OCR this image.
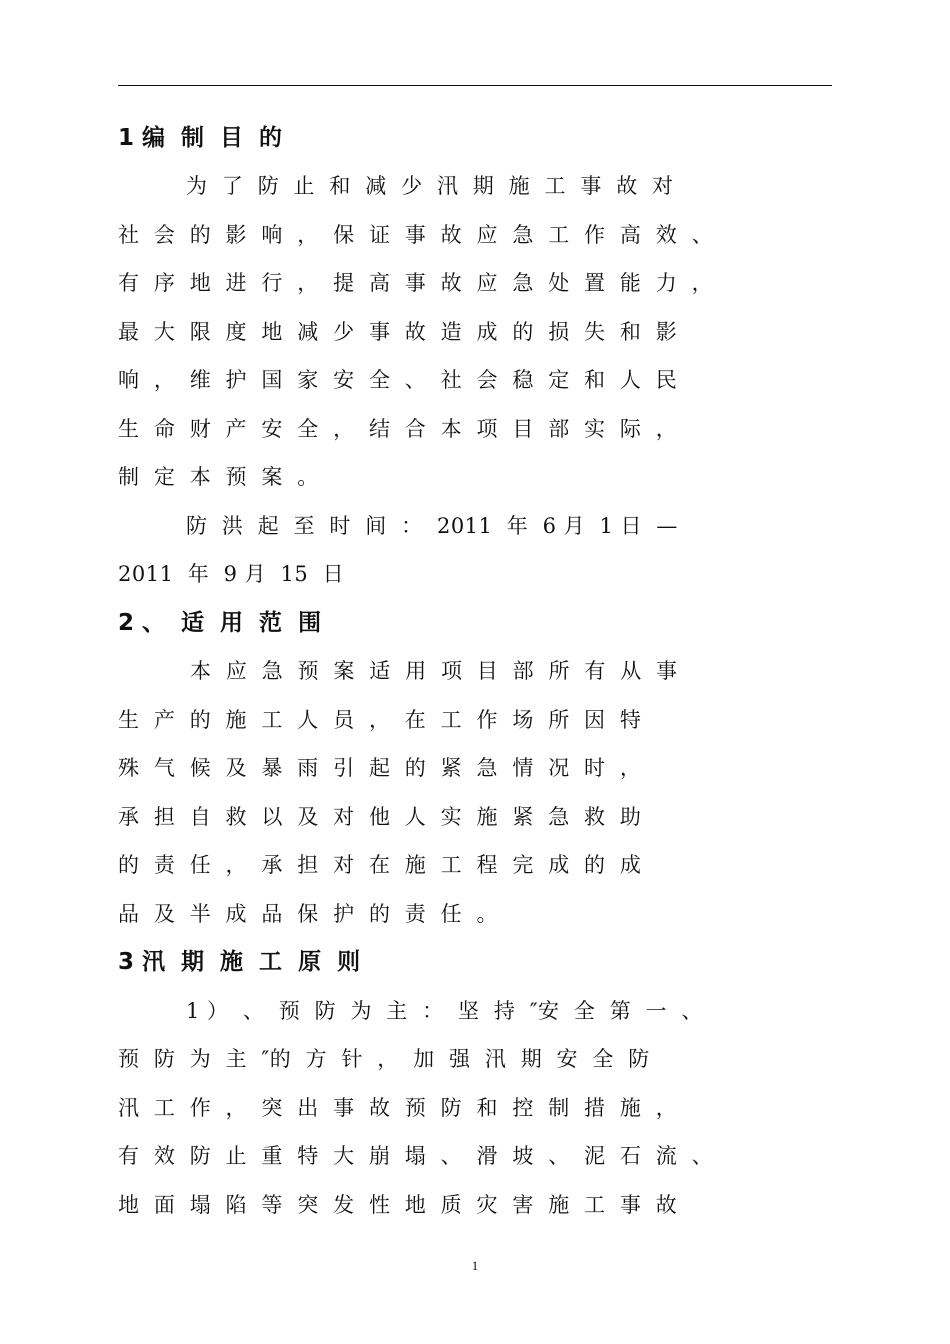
1 编  制  目  的
为  了  防  止  和  减  少  汛  期  施  工  事  故  对
社  会  的  影  响  ，  保  证  事  故  应  急  工  作  高  效  、
有  序  地  进  行  ，  提  高  事  故  应  急  处  置  能  力  ，
最  大  限  度  地  减  少  事  故  造  成  的  损  失  和  影
响  ，  维  护  国  家  安  全  、  社  会  稳  定  和  人  民
生  命  财  产  安  全  ，  结  合  本  项  目  部  实  际  ，
制  定  本  预  案  。
防  洪  起  至  时  间  ：  2011  年  6 月  1 日  —
2011  年  9 月  15  日
2 、  适  用  范  围
本  应  急  预  案  适  用  项  目  部  所  有  从  事
生  产  的  施  工  人  员  ，  在  工  作  场  所  因  特
殊  气  候  及  暴  雨  引  起  的  紧  急  情  况  时  ，
承  担  自  救  以  及  对  他  人  实  施  紧  急  救  助
的  责  任  ，  承  担  对  在  施  工  程  完  成  的  成
品  及  半  成  品  保  护  的  责  任  。
3 汛  期  施  工  原  则
1 ）  、  预  防  为  主  ：  坚  持  ″安  全  第  一  、
预  防  为  主  ″的  方  针  ，  加  强  汛  期  安  全  防
汛  工  作  ，  突  出  事  故  预  防  和  控  制  措  施  ，
有  效  防  止  重  特  大  崩  塌  、  滑  坡  、  泥  石  流  、
地  面  塌  陷  等  突  发  性  地  质  灾  害  施  工  事  故
1
